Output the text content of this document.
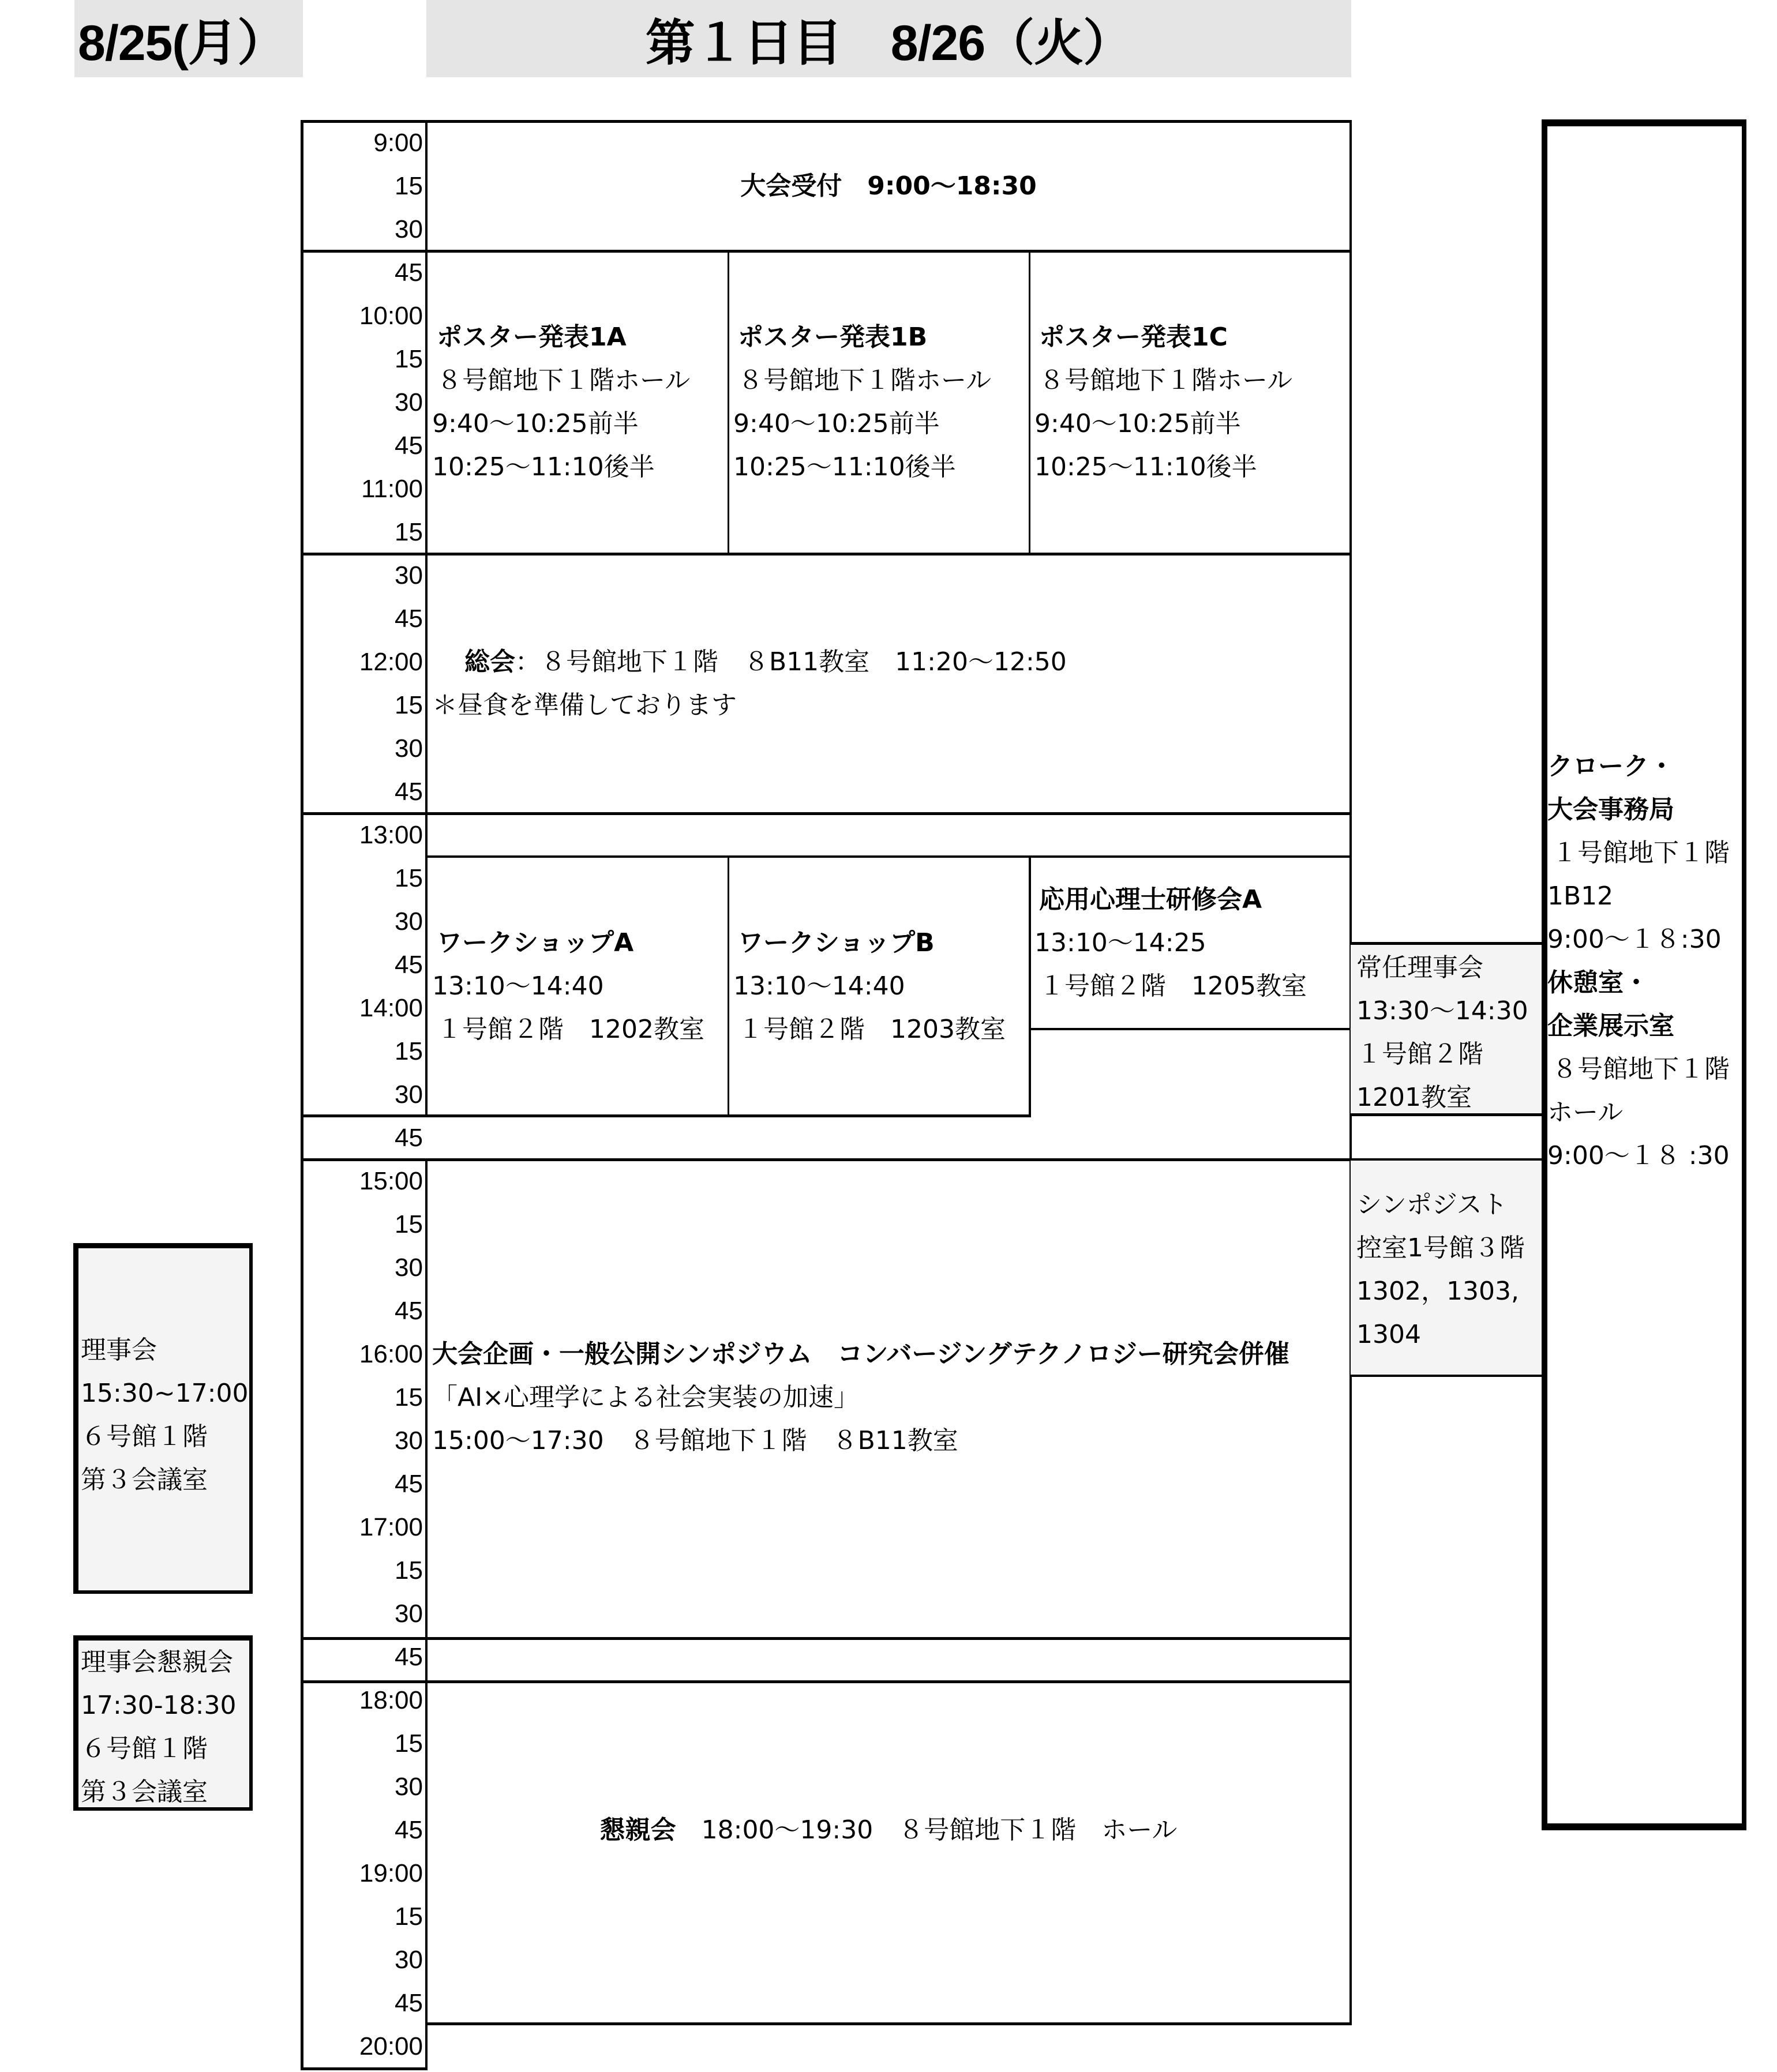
8/25(月）	第１日目　8/26（火）
9:00
15
30
45
10:00
15
30
45
11:00
15
30
45
12:00
15
30
45
13:00
15
30
45
14:00
15
30
45
15:00
15
30
45
16:00
15
30
45
17:00
15
30
45
18:00
15
30
45
19:00
15
30
45
20:00
大会受付　9:00〜18:30
ポスター発表1A
８号館地下１階ホール
9:40〜10:25前半
10:25〜11:10後半
ポスター発表1B
８号館地下１階ホール
9:40〜10:25前半
10:25〜11:10後半
ポスター発表1C
８号館地下１階ホール
9:40〜10:25前半
10:25〜11:10後半
総会：８号館地下１階　８B11教室　11:20〜12:50
＊昼食を準備しております
ワークショップA
13:10〜14:40
１号館２階　1202教室
ワークショップB
13:10〜14:40
１号館２階　1203教室
応用心理士研修会A
13:10〜14:25
１号館２階　1205教室
大会企画・一般公開シンポジウム　コンバージングテクノロジー研究会併催
「AI×心理学による社会実装の加速」
15:00〜17:30　８号館地下１階　８B11教室
懇親会
　 18:00〜19:30　８号館地下１階　ホール
常任理事会
13:30〜14:30
１号館２階
1201教室
シンポジスト
控室1号館３階
1302，1303,
1304
理事会
15:30~17:00
６号館１階
第３会議室
理事会懇親会
17:30-18:30
６号館１階
第３会議室
クローク・
大会事務局
１号館地下１階
1B12
9:00〜１８:30
休憩室・
企業展示室
８号館地下１階
ホール
9:00〜１８ :30
